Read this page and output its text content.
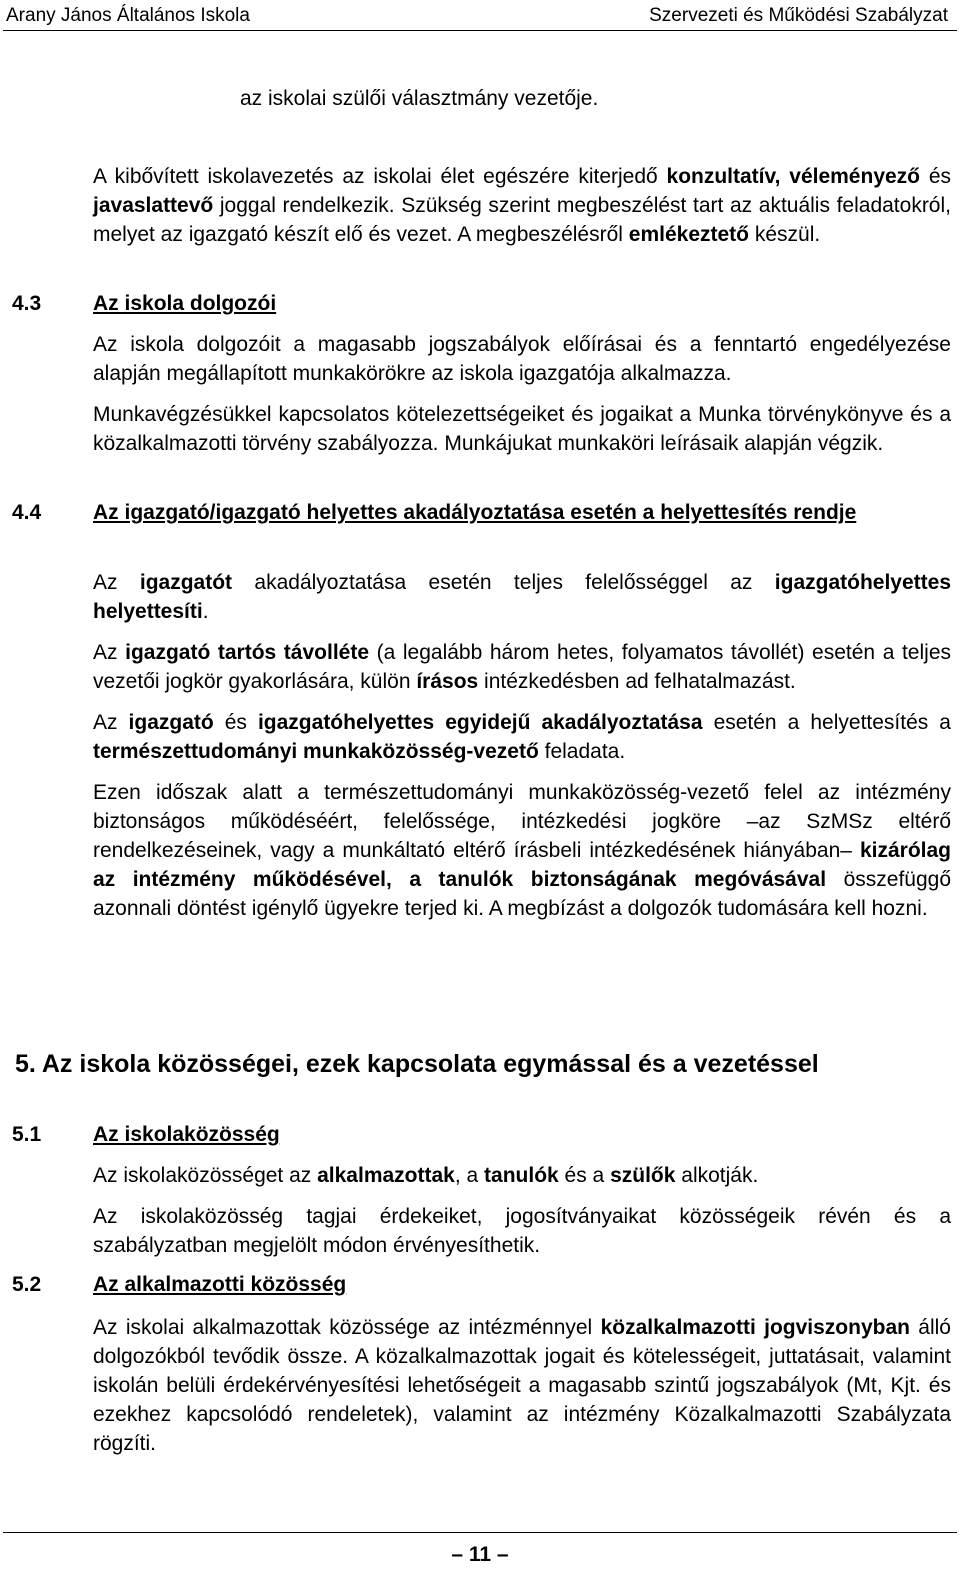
Arany János Általános Iskola	Szervezeti és Működési Szabályzat

az iskolai szülői választmány vezetője.

A kibővített iskolavezetés az iskolai élet egészére kiterjedő konzultatív, véleményező és javaslattevő joggal rendelkezik. Szükség szerint megbeszélést tart az aktuális feladatokról, melyet az igazgató készít elő és vezet. A megbeszélésről emlékeztető készül.

4.3 Az iskola dolgozói

Az iskola dolgozóit a magasabb jogszabályok előírásai és a fenntartó engedélyezése alapján megállapított munkakörökre az iskola igazgatója alkalmazza.

Munkavégzésükkel kapcsolatos kötelezettségeiket és jogaikat a Munka törvénykönyve és a közalkalmazotti törvény szabályozza. Munkájukat munkaköri leírásaik alapján végzik.

4.4 Az igazgató/igazgató helyettes akadályoztatása esetén a helyettesítés rendje

Az igazgatót akadályoztatása esetén teljes felelősséggel az igazgatóhelyettes helyettesíti.

Az igazgató tartós távolléte (a legalább három hetes, folyamatos távollét) esetén a teljes vezetői jogkör gyakorlására, külön írásos intézkedésben ad felhatalmazást.

Az igazgató és igazgatóhelyettes egyidejű akadályoztatása esetén a helyettesítés a természettudományi munkaközösség-vezető feladata.

Ezen időszak alatt a természettudományi munkaközösség-vezető felel az intézmény biztonságos működéséért, felelőssége, intézkedési jogköre –az SzMSz eltérő rendelkezéseinek, vagy a munkáltató eltérő írásbeli intézkedésének hiányában– kizárólag az intézmény működésével, a tanulók biztonságának megóvásával összefüggő azonnali döntést igénylő ügyekre terjed ki. A megbízást a dolgozók tudomására kell hozni.

5. Az iskola közösségei, ezek kapcsolata egymással és a vezetéssel
5.1 Az iskolaközösség

Az iskolaközösséget az alkalmazottak, a tanulók és a szülők alkotják.

Az iskolaközösség tagjai érdekeiket, jogosítványaikat közösségeik révén és a szabályzatban megjelölt módon érvényesíthetik.

5.2 Az alkalmazotti közösség

Az iskolai alkalmazottak közössége az intézménnyel közalkalmazotti jogviszonyban álló dolgozókból tevődik össze. A közalkalmazottak jogait és kötelességeit, juttatásait, valamint iskolán belüli érdekérvényesítési lehetőségeit a magasabb szintű jogszabályok (Mt, Kjt. és ezekhez kapcsolódó rendeletek), valamint az intézmény Közalkalmazotti Szabályzata rögzíti.

– 11 –
